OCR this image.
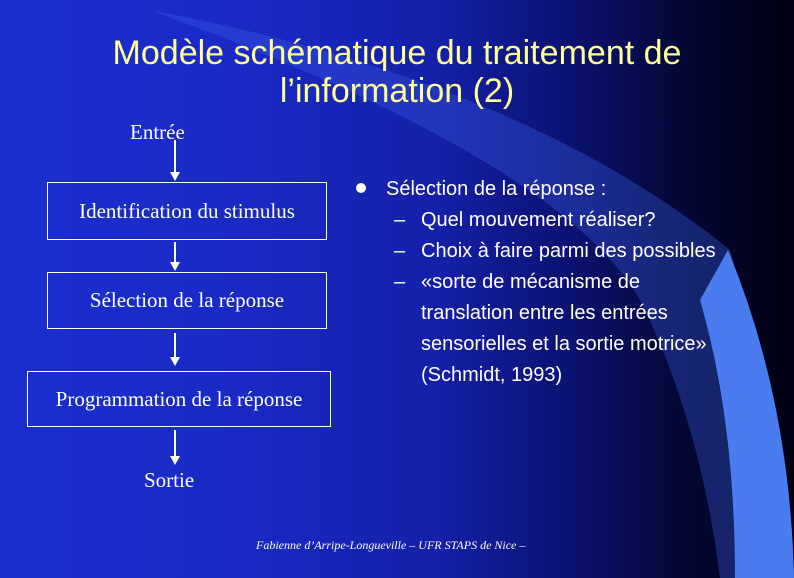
Modèle schématique du traitement de l’information (2)
Entrée
Identification du stimulus
Sélection de la réponse
Programmation de la réponse
Sortie
Sélection de la réponse :
– Quel mouvement réaliser?
– Choix à faire parmi des possibles
– «sorte de mécanisme de translation entre les entrées sensorielles et la sortie motrice» (Schmidt, 1993)
Fabienne d’Arripe-Longueville – UFR STAPS de Nice –
